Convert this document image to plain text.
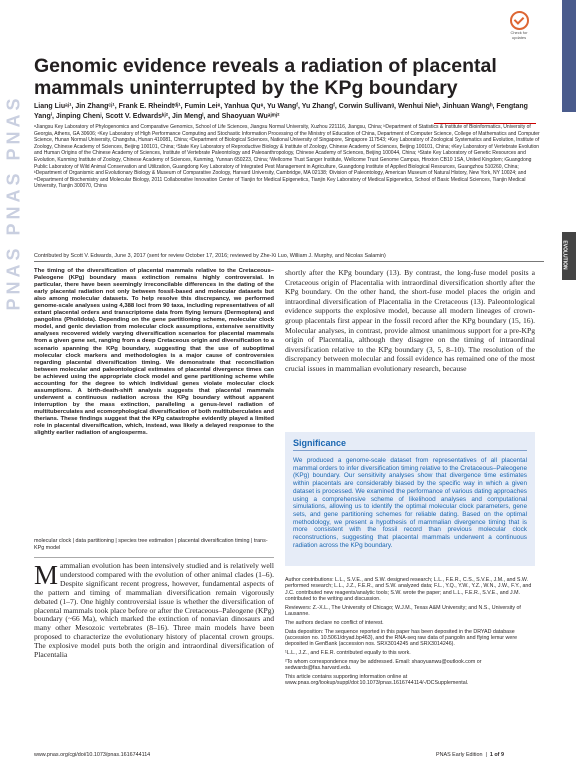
PNAS PNAS PNAS
PNAS PLUS
EVOLUTION
Check for
updates
Genomic evidence reveals a radiation of placental mammals uninterrupted by the KPg boundary
Liang Liuᵃʲ¹, Jin Zhangᶜʲ¹, Frank E. Rheindtᵈʲ¹, Fumin Leiᵉ, Yanhua Quᵉ, Yu Wangᶠ, Yu Zhangᶠ, Corwin Sullivanᵍ, Wenhui Nieʰ, Jinhuan Wangʰ, Fengtang Yangⁱ, Jinping Chenʲ, Scott V. Edwardsᵏʲ², Jin Mengˡ, and Shaoyuan Wuᵃʲᵐʲ²
ᵃJiangsu Key Laboratory of Phylogenomics and Comparative Genomics, School of Life Sciences, Jiangsu Normal University, Xuzhou 221116, Jiangsu, China; ᵇDepartment of Statistics & Institute of Bioinformatics, University of Georgia, Athens, GA 30606; ᶜKey Laboratory of High Performance Computing and Stochastic Information Processing of the Ministry of Education of China, Department of Computer Science, College of Mathematics and Computer Science, Hunan Normal University, Changsha, Hunan 410081, China; ᵈDepartment of Biological Sciences, National University of Singapore, Singapore 117543; ᵉKey Laboratory of Zoological Systematics and Evolution, Institute of Zoology, Chinese Academy of Sciences, Beijing 100101, China; ᶠState Key Laboratory of Reproductive Biology & Institute of Zoology, Chinese Academy of Sciences, Beijing 100101, China; ᵍKey Laboratory of Vertebrate Evolution and Human Origins of the Chinese Academy of Sciences, Institute of Vertebrate Paleontology and Paleoanthropology, Chinese Academy of Sciences, Beijing 100044, China; ʰState Key Laboratory of Genetic Resources and Evolution, Kunming Institute of Zoology, Chinese Academy of Sciences, Kunming, Yunnan 650223, China; ⁱWellcome Trust Sanger Institute, Wellcome Trust Genome Campus, Hinxton CB10 1SA, United Kingdom; ʲGuangdong Public Laboratory of Wild Animal Conservation and Utilization, Guangdong Key Laboratory of Integrated Pest Management in Agriculture, Guangdong Institute of Applied Biological Resources, Guangzhou 510260, China; ᵏDepartment of Organismic and Evolutionary Biology & Museum of Comparative Zoology, Harvard University, Cambridge, MA 02138; ˡDivision of Paleontology, American Museum of Natural History, New York, NY 10024; and ᵐDepartment of Biochemistry and Molecular Biology, 2011 Collaborative Innovation Center of Tianjin for Medical Epigenetics, Tianjin Key Laboratory of Medical Epigenetics, School of Basic Medical Sciences, Tianjin Medical University, Tianjin 300070, China
Contributed by Scott V. Edwards, June 3, 2017 (sent for review October 17, 2016; reviewed by Zhe-Xi Luo, William J. Murphy, and Nicolas Salamin)
The timing of the diversification of placental mammals relative to the Cretaceous–Paleogene (KPg) boundary mass extinction remains highly controversial. In particular, there have been seemingly irreconcilable differences in the dating of the early placental radiation not only between fossil-based and molecular datasets but also among molecular datasets. To help resolve this discrepancy, we performed genome-scale analyses using 4,388 loci from 90 taxa, including representatives of all extant placental orders and transcriptome data from flying lemurs (Dermoptera) and pangolins (Pholidota). Depending on the gene partitioning scheme, molecular clock model, and genic deviation from molecular clock assumptions, extensive sensitivity analyses recovered widely varying diversification scenarios for placental mammals from a given gene set, ranging from a deep Cretaceous origin and diversification to a scenario spanning the KPg boundary, suggesting that the use of suboptimal molecular clock markers and methodologies is a major cause of controversies regarding placental diversification timing. We demonstrate that reconciliation between molecular and paleontological estimates of placental divergence times can be achieved using the appropriate clock model and gene partitioning scheme while accounting for the degree to which individual genes violate molecular clock assumptions. A birth-death-shift analysis suggests that placental mammals underwent a continuous radiation across the KPg boundary without apparent interruption by the mass extinction, paralleling a genus-level radiation of multituberculates and ecomorphological diversification of both multituberculates and therians. These findings suggest that the KPg catastrophe evidently played a limited role in placental diversification, which, instead, was likely a delayed response to the slightly earlier radiation of angiosperms.
molecular clock | data partitioning | species tree estimation | placental diversification timing | trans-KPg model
Mammalian evolution has been intensively studied and is relatively well understood compared with the evolution of other animal clades (1–6). Despite significant recent progress, however, fundamental aspects of the pattern and timing of mammalian diversification remain vigorously debated (1–7). One highly controversial issue is whether the diversification of placental mammals took place before or after the Cretaceous–Paleogene (KPg) boundary (~66 Ma), which marked the extinction of nonavian dinosaurs and many other Mesozoic vertebrates (8–16). Three main models have been proposed to characterize the evolutionary history of placental crown groups. The explosive model puts both the origin and intraordinal diversification of Placentalia
shortly after the KPg boundary (13). By contrast, the long-fuse model posits a Cretaceous origin of Placentalia with intraordinal diversification shortly after the KPg boundary. On the other hand, the short-fuse model places the origin and intraordinal diversification of Placentalia in the Cretaceous (13). Paleontological evidence supports the explosive model, because all modern lineages of crown-group placentals first appear in the fossil record after the KPg boundary (15, 16). Molecular analyses, in contrast, provide almost unanimous support for a pre-KPg origin of Placentalia, although they disagree on the timing of intraordinal diversification relative to the KPg boundary (3, 5, 8–10). The resolution of the discrepancy between molecular and fossil evidence has remained one of the most crucial issues in mammalian evolutionary research, because
Significance

We produced a genome-scale dataset from representatives of all placental mammal orders to infer diversification timing relative to the Cretaceous–Paleogene (KPg) boundary. Our sensitivity analyses show that divergence time estimates within placentals are considerably biased by the specific way in which a given dataset is processed. We examined the performance of various dating approaches using a comprehensive scheme of likelihood analyses and computational simulations, allowing us to identify the optimal molecular clock parameters, gene sets, and gene partitioning schemes for reliable dating. Based on the optimal methodology, we present a hypothesis of mammalian divergence timing that is more consistent with the fossil record than previous molecular clock reconstructions, suggesting that placental mammals underwent a continuous radiation across the KPg boundary.

Author contributions: L.L., S.V.E., and S.W. designed research; L.L., F.E.R., C.S., S.V.E., J.M., and S.W. performed research; L.L., J.Z., F.E.R., and S.W. analyzed data; F.L., Y.Q., Y.W., Y.Z., W.N., J.W., F.Y., and J.C. contributed new reagents/analytic tools; S.W. wrote the paper; and L.L., F.E.R., S.V.E., and J.M. contributed to the writing and discussion.

Reviewers: Z.-X.L., The University of Chicago; W.J.M., Texas A&M University; and N.S., University of Lausanne.

The authors declare no conflict of interest.

Data deposition: The sequence reported in this paper has been deposited in the DRYAD database (accession no. 10.5061/dryad.bp463), and the RNA-seq raw data of pangolin and flying lemur were deposited in GenBank (accession nos. SRX3014245 and SRX3014246).

¹L.L., J.Z., and F.E.R. contributed equally to this work.

²To whom correspondence may be addressed. Email: shaoyuanwu@outlook.com or sedwards@fas.harvard.edu.

This article contains supporting information online at www.pnas.org/lookup/suppl/doi:10.1073/pnas.1616744114/-/DCSupplemental.

www.pnas.org/cgi/doi/10.1073/pnas.1616744114	PNAS Early Edition  |  1 of 9
